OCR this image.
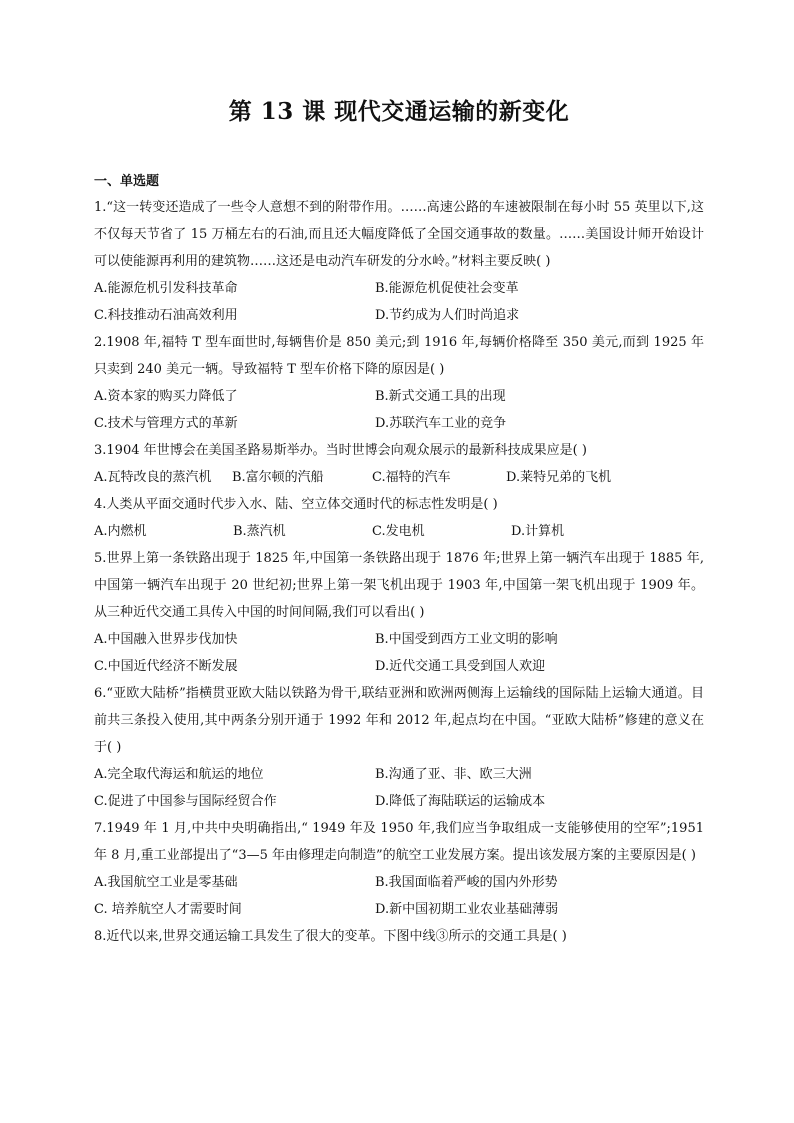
第 13 课 现代交通运输的新变化
一、单选题

1.“这一转变还造成了一些令人意想不到的附带作用。……高速公路的车速被限制在每小时 55 英里以下,这不仅每天节省了 15 万桶左右的石油,而且还大幅度降低了全国交通事故的数量。……美国设计师开始设计可以使能源再利用的建筑物……这还是电动汽车研发的分水岭。”材料主要反映( )

A.能源危机引发科技革命	B.能源危机促使社会变革
C.科技推动石油高效利用	D.节约成为人们时尚追求

2.1908 年,福特 T 型车面世时,每辆售价是 850 美元;到 1916 年,每辆价格降至 350 美元,而到 1925 年只卖到 240 美元一辆。导致福特 T 型车价格下降的原因是( )

A.资本家的购买力降低了	B.新式交通工具的出现
C.技术与管理方式的革新	D.苏联汽车工业的竞争

3.1904 年世博会在美国圣路易斯举办。当时世博会向观众展示的最新科技成果应是( )

A.瓦特改良的蒸汽机	B.富尔顿的汽船	C.福特的汽车	D.莱特兄弟的飞机

4.人类从平面交通时代步入水、陆、空立体交通时代的标志性发明是( )

A.内燃机	B.蒸汽机	C.发电机	D.计算机

5.世界上第一条铁路出现于 1825 年,中国第一条铁路出现于 1876 年;世界上第一辆汽车出现于 1885 年,中国第一辆汽车出现于 20 世纪初;世界上第一架飞机出现于 1903 年,中国第一架飞机出现于 1909 年。从三种近代交通工具传入中国的时间间隔,我们可以看出( )

A.中国融入世界步伐加快	B.中国受到西方工业文明的影响
C.中国近代经济不断发展	D.近代交通工具受到国人欢迎

6.“亚欧大陆桥”指横贯亚欧大陆以铁路为骨干,联结亚洲和欧洲两侧海上运输线的国际陆上运输大通道。目前共三条投入使用,其中两条分别开通于 1992 年和 2012 年,起点均在中国。“亚欧大陆桥”修建的意义在于( )

A.完全取代海运和航运的地位	B.沟通了亚、非、欧三大洲
C.促进了中国参与国际经贸合作	D.降低了海陆联运的运输成本

7.1949 年 1 月,中共中央明确指出,“ 1949 年及 1950 年,我们应当争取组成一支能够使用的空军”;1951 年 8 月,重工业部提出了“3—5 年由修理走向制造”的航空工业发展方案。提出该发展方案的主要原因是( )

A.我国航空工业是零基础	B.我国面临着严峻的国内外形势
C. 培养航空人才需要时间	D.新中国初期工业农业基础薄弱

8.近代以来,世界交通运输工具发生了很大的变革。下图中线③所示的交通工具是( )
